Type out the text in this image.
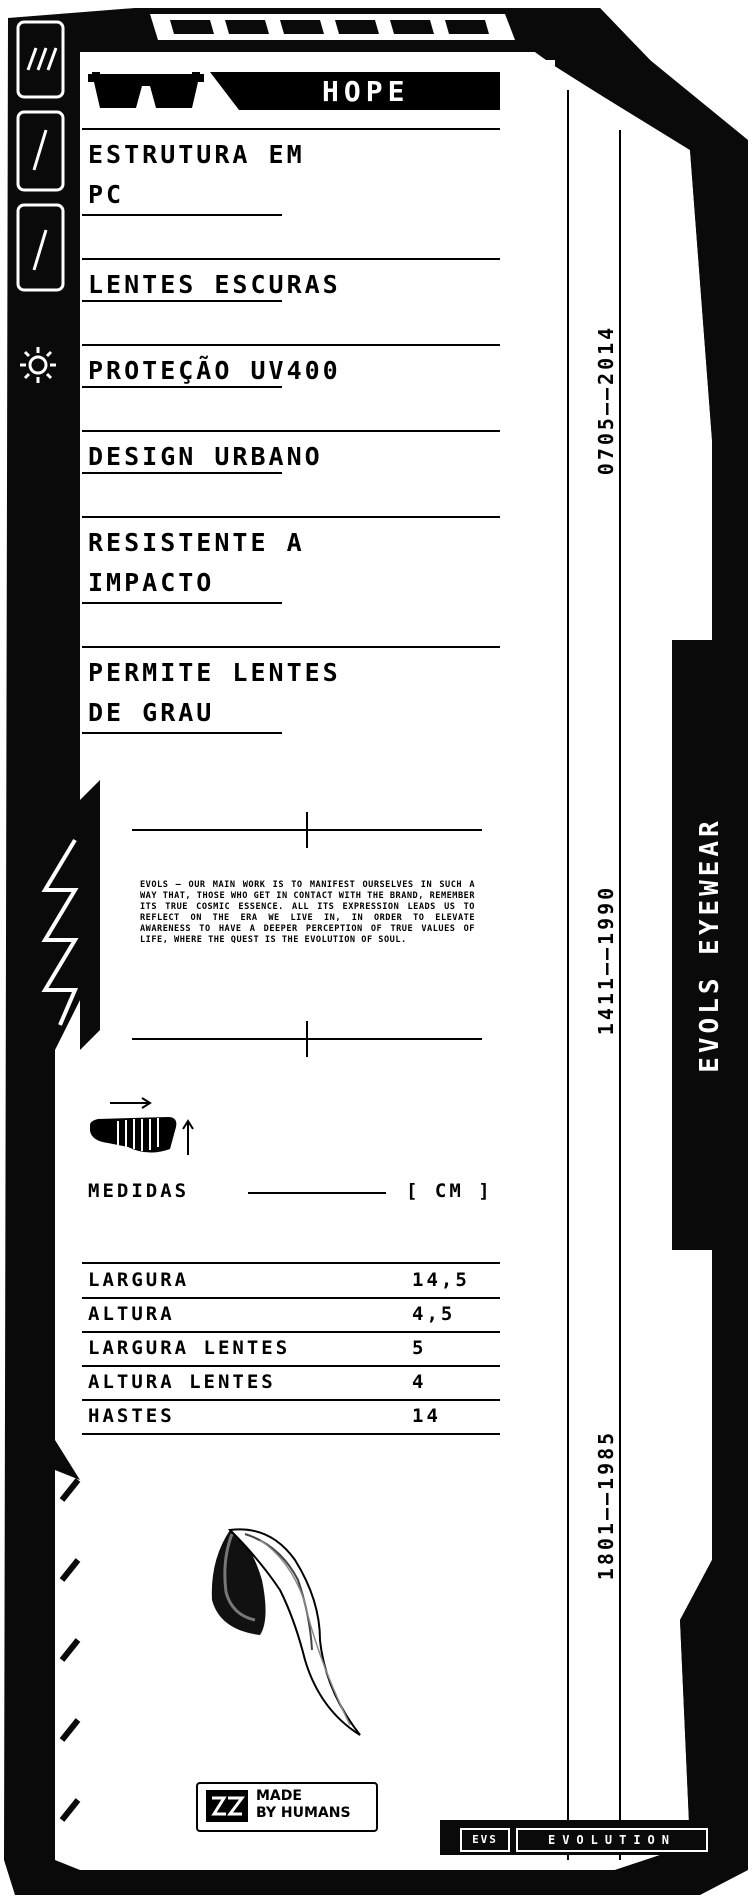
HOPE
ESTRUTURA EM
PC
LENTES ESCURAS
PROTEÇÃO UV400
DESIGN URBANO
RESISTENTE A
IMPACTO
PERMITE LENTES
DE GRAU
EVOLS — OUR MAIN WORK IS TO MANIFEST OURSELVES IN SUCH A WAY THAT, THOSE WHO GET IN CONTACT WITH THE BRAND, REMEMBER ITS TRUE COSMIC ESSENCE. ALL ITS EXPRESSION LEADS US TO REFLECT ON THE ERA WE LIVE IN, IN ORDER TO ELEVATE AWARENESS TO HAVE A DEEPER PERCEPTION OF TRUE VALUES OF LIFE, WHERE THE QUEST IS THE EVOLUTION OF SOUL.
MEDIDAS	[ CM ]
LARGURA	14,5
ALTURA	4,5
LARGURA LENTES	5
ALTURA LENTES	4
HASTES	14
MADE
BY HUMANS
0705——2014
1411——1990
1801——1985
EVOLS EYEWEAR
EVS	EVOLUTION
